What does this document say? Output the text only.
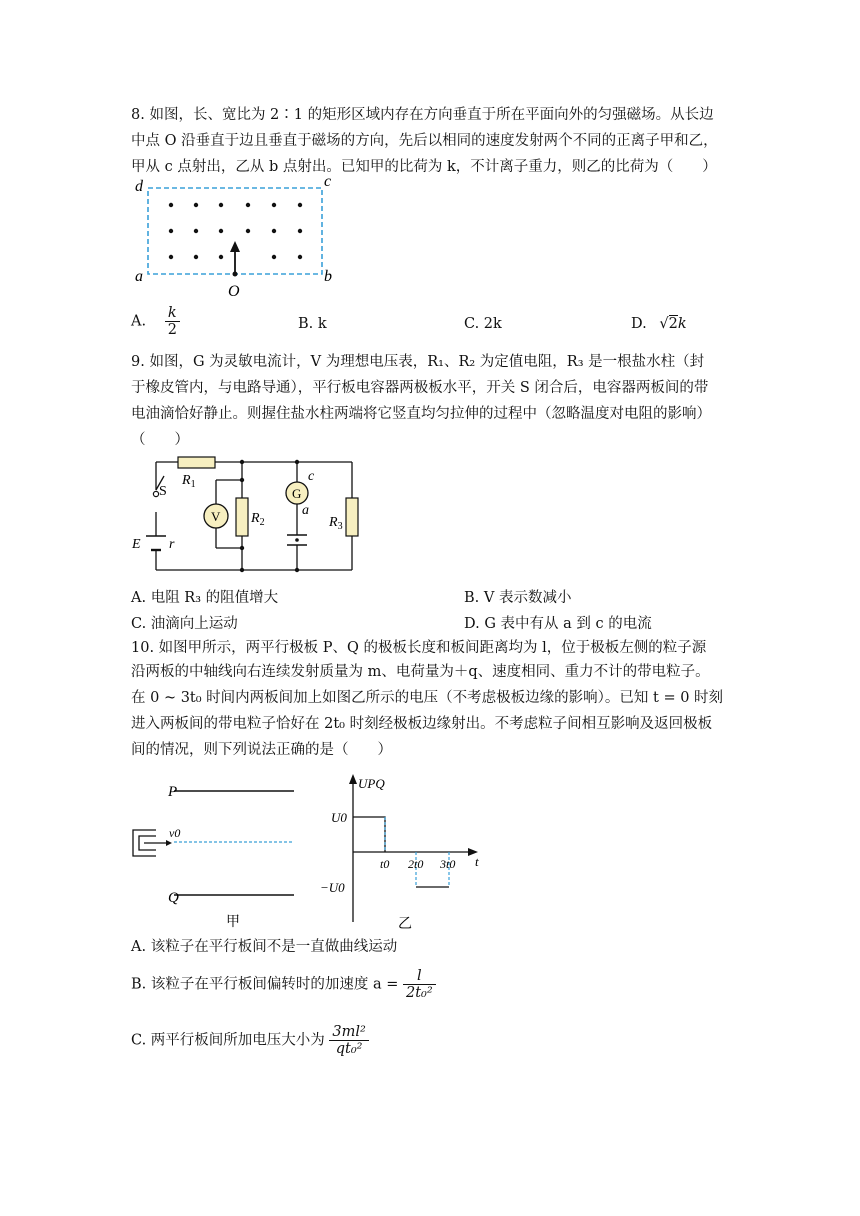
8. 如图，长、宽比为 2∶1 的矩形区域内存在方向垂直于所在平面向外的匀强磁场。从长边
中点 O 沿垂直于边且垂直于磁场的方向，先后以相同的速度发射两个不同的正离子甲和乙，
甲从 c 点射出，乙从 b 点射出。已知甲的比荷为 k，不计离子重力，则乙的比荷为（　　）
d	c
a	b
O
A. $\frac{k}{2}$	B. k	C. 2k	D. √2k
9. 如图，G 为灵敏电流计，V 为理想电压表，R₁、R₂ 为定值电阻，R₃ 是一根盐水柱（封
于橡皮管内，与电路导通），平行板电容器两极板水平，开关 S 闭合后，电容器两板间的带
电油滴恰好静止。则握住盐水柱两端将它竖直均匀拉伸的过程中（忽略温度对电阻的影响）
（　　）
$R_1$
$R_2$	$R_3$
S
E r
V
G
c
a
A. 电阻 R₃ 的阻值增大	B. V 表示数减小
C. 油滴向上运动	D. G 表中有从 a 到 c 的电流
10. 如图甲所示，两平行极板 P、Q 的极板长度和板间距离均为 l，位于极板左侧的粒子源
沿两板的中轴线向右连续发射质量为 m、电荷量为＋q、速度相同、重力不计的带电粒子。
在 0 ~ 3t₀ 时间内两板间加上如图乙所示的电压（不考虑极板边缘的影响）。已知 t = 0 时刻
进入两板间的带电粒子恰好在 2t₀ 时刻经极板边缘射出。不考虑粒子间相互影响及返回极板
间的情况，则下列说法正确的是（　　）
P
Q
v0
甲
UPQ
U0
−U0
t0 2t0 3t0 t
乙
A. 该粒子在平行板间不是一直做曲线运动
B. 该粒子在平行板间偏转时的加速度 $a = \frac{l}{\text{2t₀²}}$
C. 两平行板间所加电压大小为 $\frac{\text{3ml²}}{\text{qt₀²}}$
